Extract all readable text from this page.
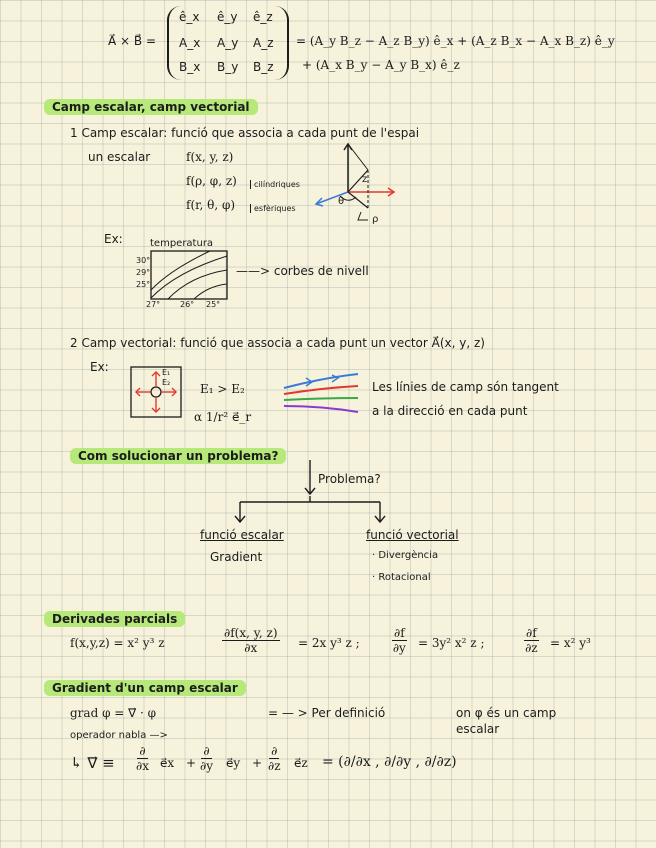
A⃗ × B⃗ =
ê_x ê_y ê_z
A_x A_y A_z
B_x B_y B_z
= (A_y B_z − A_z B_y) ê_x + (A_z B_x − A_x B_z) ê_y
+ (A_x B_y − A_y B_x) ê_z
Camp escalar, camp vectorial
1 Camp escalar: funció que associa a cada punt de l'espai
un escalar	f(x, y, z)
f(ρ, φ, z)	cilíndriques
f(r, θ, φ)	esfèriques
z
θ
ρ
Ex:	temperatura
30°
29°
25°
27° 26° 25°
——> corbes de nivell
2 Camp vectorial: funció que associa a cada punt un vector A⃗(x, y, z)
Ex:	E₁
E₂ E₁ > E₂
α 1/r² e⃗_r
Les línies de camp són tangent
a la direcció en cada punt
Com solucionar un problema?
Problema?
funció escalar
Gradient
funció vectorial
· Divergència
· Rotacional
Derivades parcials
f(x,y,z) = x² y³ z	$\frac{\partial f(x, y, z)}{\partial x} = 2x$ y³ z ;	$\frac{\partial f}{\partial y} = 3y^2$ x² z ;	$\frac{\partial f}{\partial z} = x^2$ y³
Gradient d'un camp escalar
grad φ = ∇⃗ · φ	= — > Per definició	on φ és un camp
escalar
operador nabla —>
↳ ∇⃗ ≡
∂
∂x e⃗x +
∂
∂y e⃗y +
∂
∂z e⃗z = (∂/∂x , ∂/∂y , ∂/∂z)
